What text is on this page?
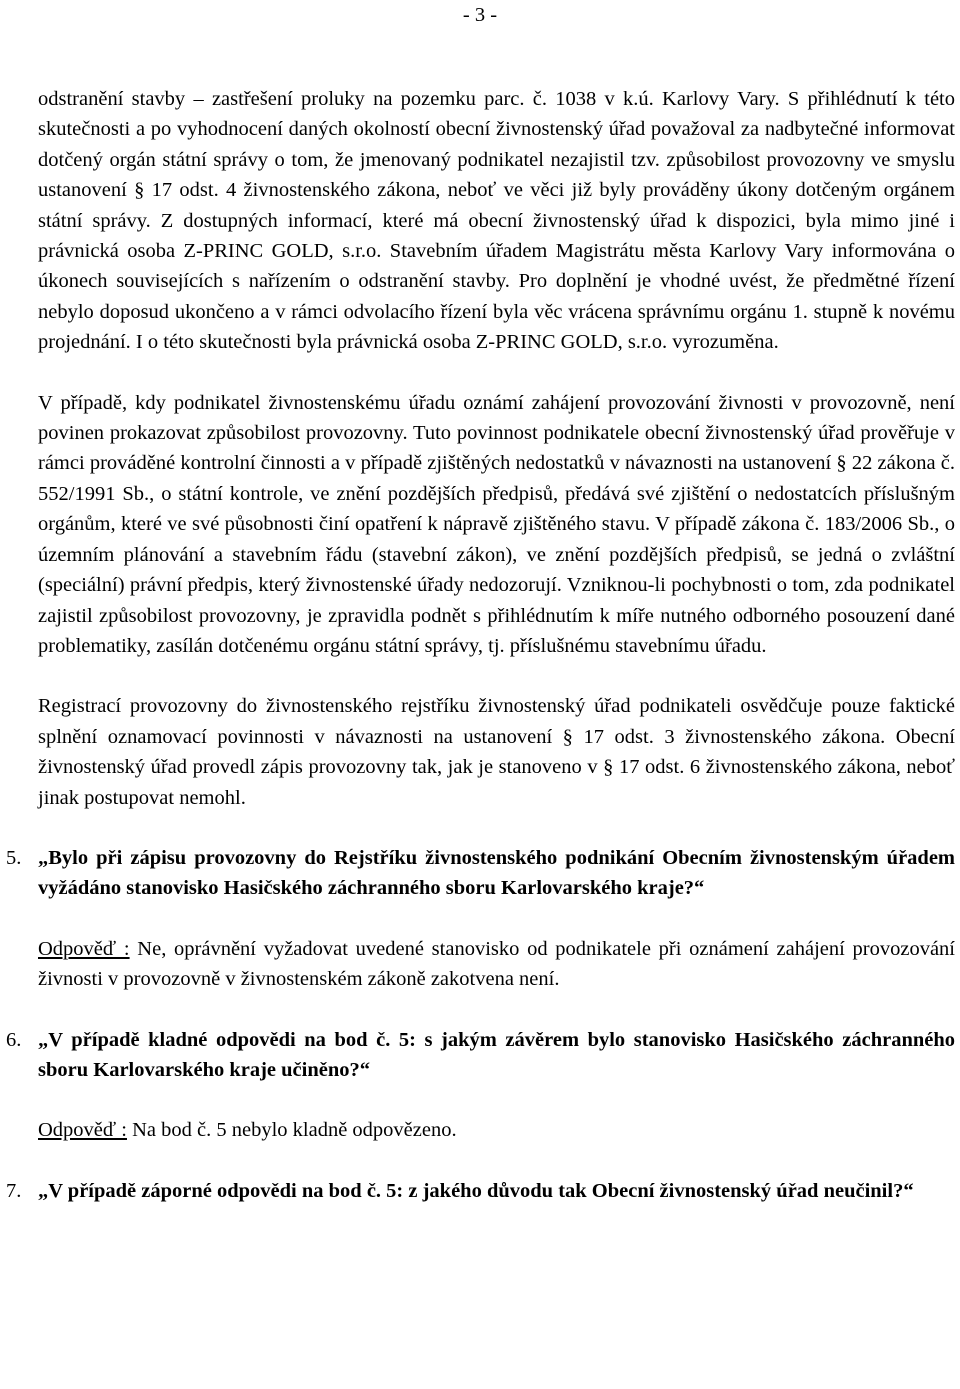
- 3 -

odstranění stavby – zastřešení proluky na pozemku parc. č. 1038 v k.ú. Karlovy Vary. S přihlédnutí k této skutečnosti a po vyhodnocení daných okolností obecní živnostenský úřad považoval za nadbytečné informovat dotčený orgán státní správy o tom, že jmenovaný podnikatel nezajistil tzv. způsobilost provozovny ve smyslu ustanovení § 17 odst. 4 živnostenského zákona, neboť ve věci již byly prováděny úkony dotčeným orgánem státní správy. Z dostupných informací, které má obecní živnostenský úřad k dispozici, byla mimo jiné i právnická osoba Z-PRINC GOLD, s.r.o. Stavebním úřadem Magistrátu města Karlovy Vary informována o úkonech souvisejících s nařízením o odstranění stavby. Pro doplnění je vhodné uvést, že předmětné řízení nebylo doposud ukončeno a v rámci odvolacího řízení byla věc vrácena správnímu orgánu 1. stupně k novému projednání. I o této skutečnosti byla právnická osoba Z-PRINC GOLD, s.r.o. vyrozuměna.

V případě, kdy podnikatel živnostenskému úřadu oznámí zahájení provozování živnosti v provozovně, není povinen prokazovat způsobilost provozovny. Tuto povinnost podnikatele obecní živnostenský úřad prověřuje v rámci prováděné kontrolní činnosti a v případě zjištěných nedostatků v návaznosti na ustanovení § 22 zákona č. 552/1991 Sb., o státní kontrole, ve znění pozdějších předpisů, předává své zjištění o nedostatcích příslušným orgánům, které ve své působnosti činí opatření k nápravě zjištěného stavu. V případě zákona č. 183/2006 Sb., o územním plánování a stavebním řádu (stavební zákon), ve znění pozdějších předpisů, se jedná o zvláštní (speciální) právní předpis, který živnostenské úřady nedozorují. Vzniknou-li pochybnosti o tom, zda podnikatel zajistil způsobilost provozovny, je zpravidla podnět s přihlédnutím k míře nutného odborného posouzení dané problematiky, zasílán dotčenému orgánu státní správy, tj. příslušnému stavebnímu úřadu.

Registrací provozovny do živnostenského rejstříku živnostenský úřad podnikateli osvědčuje pouze faktické splnění oznamovací povinnosti v návaznosti na ustanovení § 17 odst. 3 živnostenského zákona. Obecní živnostenský úřad provedl zápis provozovny tak, jak je stanoveno v § 17 odst. 6 živnostenského zákona, neboť jinak postupovat nemohl.

5. „Bylo při zápisu provozovny do Rejstříku živnostenského podnikání Obecním živnostenským úřadem vyžádáno stanovisko Hasičského záchranného sboru Karlovarského kraje?“

Odpověď : Ne, oprávnění vyžadovat uvedené stanovisko od podnikatele při oznámení zahájení provozování živnosti v provozovně v živnostenském zákoně zakotvena není.

6. „V případě kladné odpovědi na bod č. 5: s jakým závěrem bylo stanovisko Hasičského záchranného sboru Karlovarského kraje učiněno?“

Odpověď : Na bod č. 5 nebylo kladně odpovězeno.

7. „V případě záporné odpovědi na bod č. 5: z jakého důvodu tak Obecní živnostenský úřad neučinil?“
